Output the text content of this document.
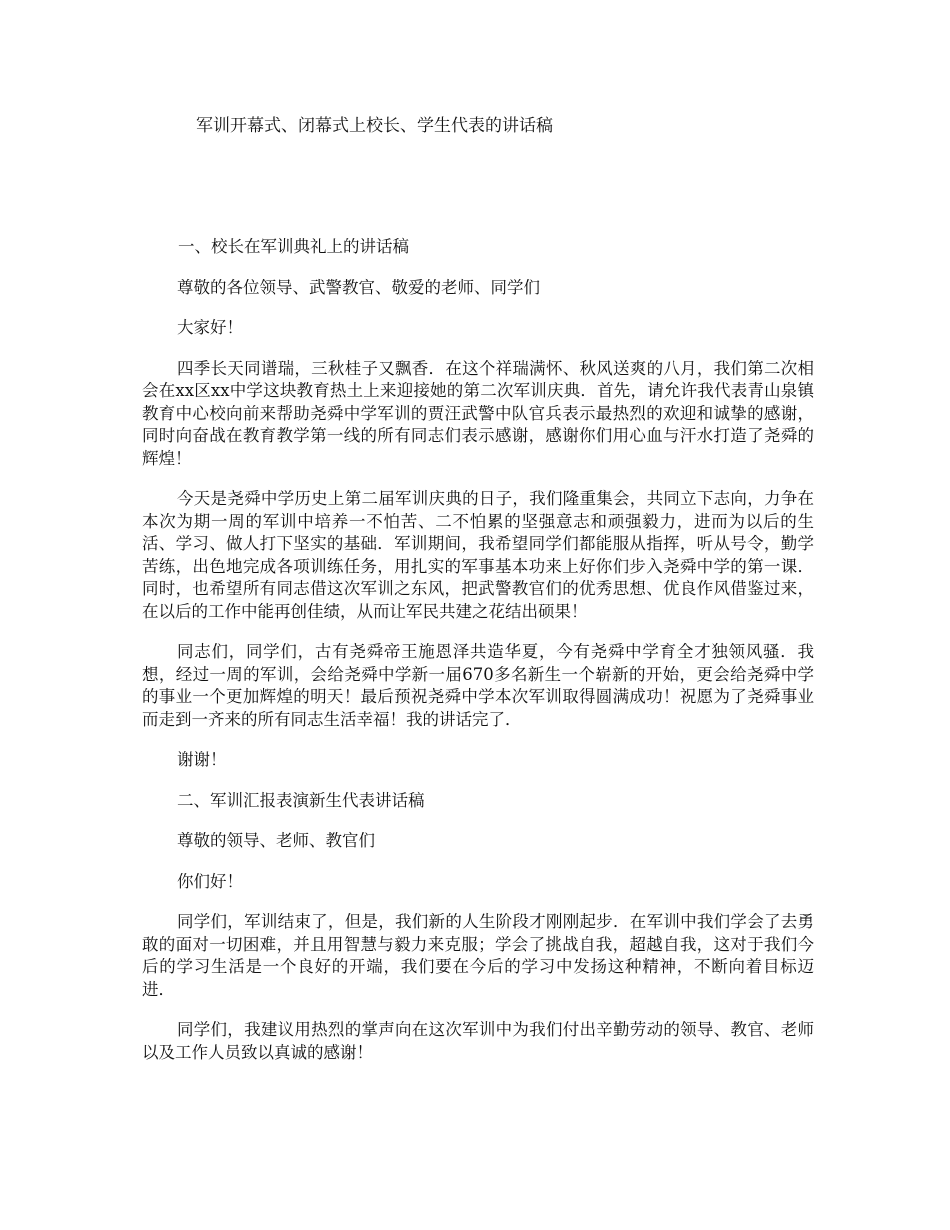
军训开幕式、闭幕式上校长、学生代表的讲话稿
一、校长在军训典礼上的讲话稿
尊敬的各位领导、武警教官、敬爱的老师、同学们
大家好！

四季长天同谱瑞，三秋桂子又飘香．在这个祥瑞满怀、秋风送爽的八月，我们第二次相会在xx区xx中学这块教育热土上来迎接她的第二次军训庆典．首先，请允许我代表青山泉镇教育中心校向前来帮助尧舜中学军训的贾汪武警中队官兵表示最热烈的欢迎和诚挚的感谢，同时向奋战在教育教学第一线的所有同志们表示感谢，感谢你们用心血与汗水打造了尧舜的辉煌！

今天是尧舜中学历史上第二届军训庆典的日子，我们隆重集会，共同立下志向，力争在本次为期一周的军训中培养一不怕苦、二不怕累的坚强意志和顽强毅力，进而为以后的生活、学习、做人打下坚实的基础．军训期间，我希望同学们都能服从指挥，听从号令，勤学苦练，出色地完成各项训练任务，用扎实的军事基本功来上好你们步入尧舜中学的第一课．同时，也希望所有同志借这次军训之东风，把武警教官们的优秀思想、优良作风借鉴过来，在以后的工作中能再创佳绩，从而让军民共建之花结出硕果！

同志们，同学们，古有尧舜帝王施恩泽共造华夏，今有尧舜中学育全才独领风骚．我想，经过一周的军训，会给尧舜中学新一届670多名新生一个崭新的开始，更会给尧舜中学的事业一个更加辉煌的明天！最后预祝尧舜中学本次军训取得圆满成功！祝愿为了尧舜事业而走到一齐来的所有同志生活幸福！我的讲话完了．

谢谢！
二、军训汇报表演新生代表讲话稿
尊敬的领导、老师、教官们
你们好！

同学们，军训结束了，但是，我们新的人生阶段才刚刚起步．在军训中我们学会了去勇敢的面对一切困难，并且用智慧与毅力来克服；学会了挑战自我，超越自我，这对于我们今后的学习生活是一个良好的开端，我们要在今后的学习中发扬这种精神，不断向着目标迈进．

同学们，我建议用热烈的掌声向在这次军训中为我们付出辛勤劳动的领导、教官、老师以及工作人员致以真诚的感谢！
